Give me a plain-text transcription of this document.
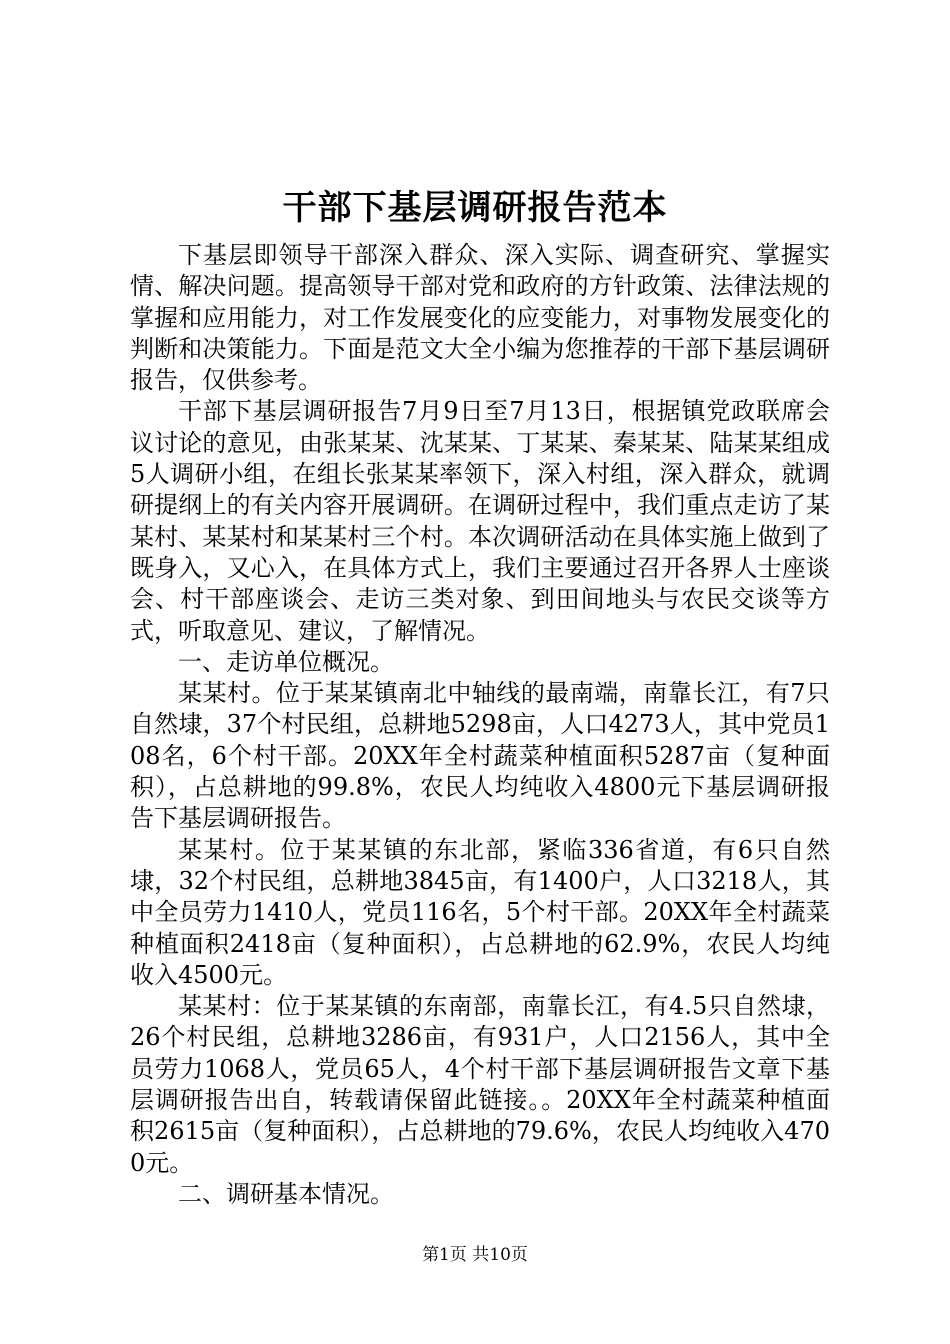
干部下基层调研报告范本

下基层即领导干部深入群众、深入实际、调查研究、掌握实情、解决问题。提高领导干部对党和政府的方针政策、法律法规的掌握和应用能力，对工作发展变化的应变能力，对事物发展变化的判断和决策能力。下面是范文大全小编为您推荐的干部下基层调研报告，仅供参考。

干部下基层调研报告7月9日至7月13日，根据镇党政联席会议讨论的意见，由张某某、沈某某、丁某某、秦某某、陆某某组成5人调研小组，在组长张某某率领下，深入村组，深入群众，就调研提纲上的有关内容开展调研。在调研过程中，我们重点走访了某某村、某某村和某某村三个村。本次调研活动在具体实施上做到了既身入，又心入，在具体方式上，我们主要通过召开各界人士座谈会、村干部座谈会、走访三类对象、到田间地头与农民交谈等方式，听取意见、建议，了解情况。

一、走访单位概况。

某某村。位于某某镇南北中轴线的最南端，南靠长江，有7只自然埭，37个村民组，总耕地5298亩，人口4273人，其中党员108名，6个村干部。20XX年全村蔬菜种植面积5287亩（复种面积），占总耕地的99.8%，农民人均纯收入4800元下基层调研报告下基层调研报告。

某某村。位于某某镇的东北部，紧临336省道，有6只自然埭，32个村民组，总耕地3845亩，有1400户，人口3218人，其中全员劳力1410人，党员116名，5个村干部。20XX年全村蔬菜种植面积2418亩（复种面积），占总耕地的62.9%，农民人均纯收入4500元。

某某村：位于某某镇的东南部，南靠长江，有4.5只自然埭，26个村民组，总耕地3286亩，有931户，人口2156人，其中全员劳力1068人，党员65人，4个村干部下基层调研报告文章下基层调研报告出自，转载请保留此链接。。20XX年全村蔬菜种植面积2615亩（复种面积），占总耕地的79.6%，农民人均纯收入4700元。

二、调研基本情况。

第1页 共10页
